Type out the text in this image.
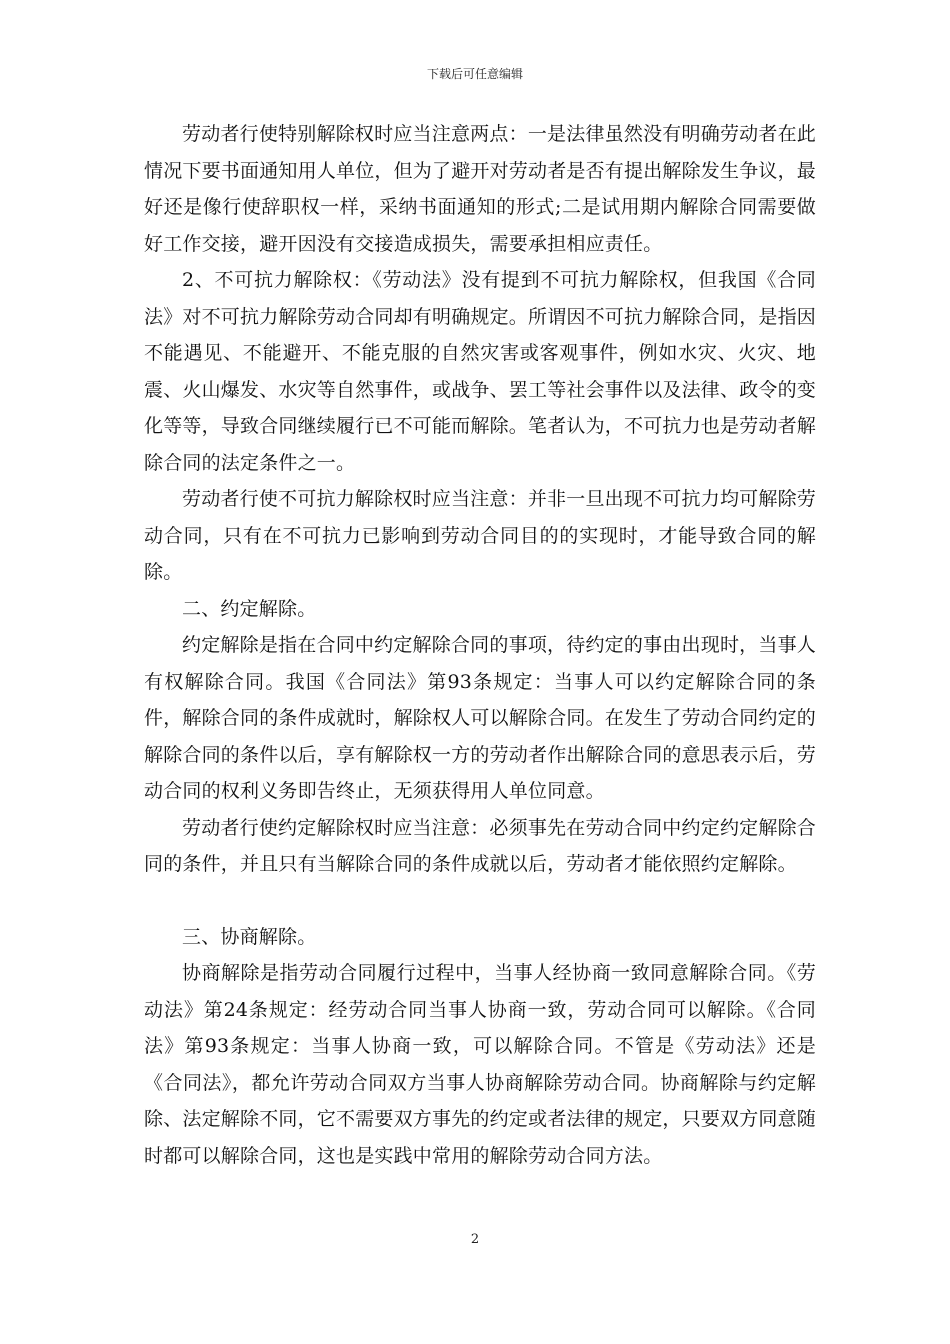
下载后可任意编辑

劳动者行使特别解除权时应当注意两点：一是法律虽然没有明确劳动者在此情况下要书面通知用人单位，但为了避开对劳动者是否有提出解除发生争议，最好还是像行使辞职权一样，采纳书面通知的形式;二是试用期内解除合同需要做好工作交接，避开因没有交接造成损失，需要承担相应责任。

2、不可抗力解除权：《劳动法》没有提到不可抗力解除权，但我国《合同法》对不可抗力解除劳动合同却有明确规定。所谓因不可抗力解除合同，是指因不能遇见、不能避开、不能克服的自然灾害或客观事件，例如水灾、火灾、地震、火山爆发、水灾等自然事件，或战争、罢工等社会事件以及法律、政令的变化等等，导致合同继续履行已不可能而解除。笔者认为，不可抗力也是劳动者解除合同的法定条件之一。

劳动者行使不可抗力解除权时应当注意：并非一旦出现不可抗力均可解除劳动合同，只有在不可抗力已影响到劳动合同目的的实现时，才能导致合同的解除。

二、约定解除。

约定解除是指在合同中约定解除合同的事项，待约定的事由出现时，当事人有权解除合同。我国《合同法》第93条规定：当事人可以约定解除合同的条件，解除合同的条件成就时，解除权人可以解除合同。在发生了劳动合同约定的解除合同的条件以后，享有解除权一方的劳动者作出解除合同的意思表示后，劳动合同的权利义务即告终止，无须获得用人单位同意。

劳动者行使约定解除权时应当注意：必须事先在劳动合同中约定约定解除合同的条件，并且只有当解除合同的条件成就以后，劳动者才能依照约定解除。

三、协商解除。

协商解除是指劳动合同履行过程中，当事人经协商一致同意解除合同。《劳动法》第24条规定：经劳动合同当事人协商一致，劳动合同可以解除。《合同法》第93条规定：当事人协商一致，可以解除合同。不管是《劳动法》还是《合同法》，都允许劳动合同双方当事人协商解除劳动合同。协商解除与约定解除、法定解除不同，它不需要双方事先的约定或者法律的规定，只要双方同意随时都可以解除合同，这也是实践中常用的解除劳动合同方法。

2
